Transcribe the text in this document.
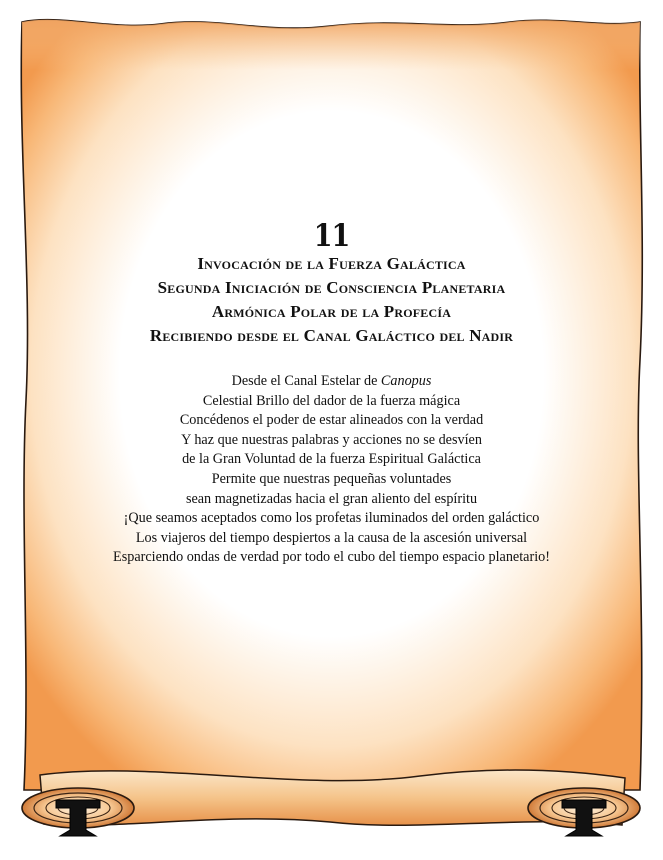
11
Invocación de la Fuerza Galáctica
Segunda Iniciación de Consciencia Planetaria
Armónica Polar de la Profecía
Recibiendo desde el Canal Galáctico del Nadir
Desde el Canal Estelar de Canopus
Celestial Brillo del dador de la fuerza mágica
Concédenos el poder de estar alineados con la verdad
Y haz que nuestras palabras y acciones no se desvíen
de la Gran Voluntad de la fuerza Espiritual Galáctica
Permite que nuestras pequeñas voluntades
sean magnetizadas hacia el gran aliento del espíritu
¡Que seamos aceptados como los profetas iluminados del orden galáctico
Los viajeros del tiempo despiertos a la causa de la ascesión universal
Esparciendo ondas de verdad por todo el cubo del tiempo espacio planetario!
